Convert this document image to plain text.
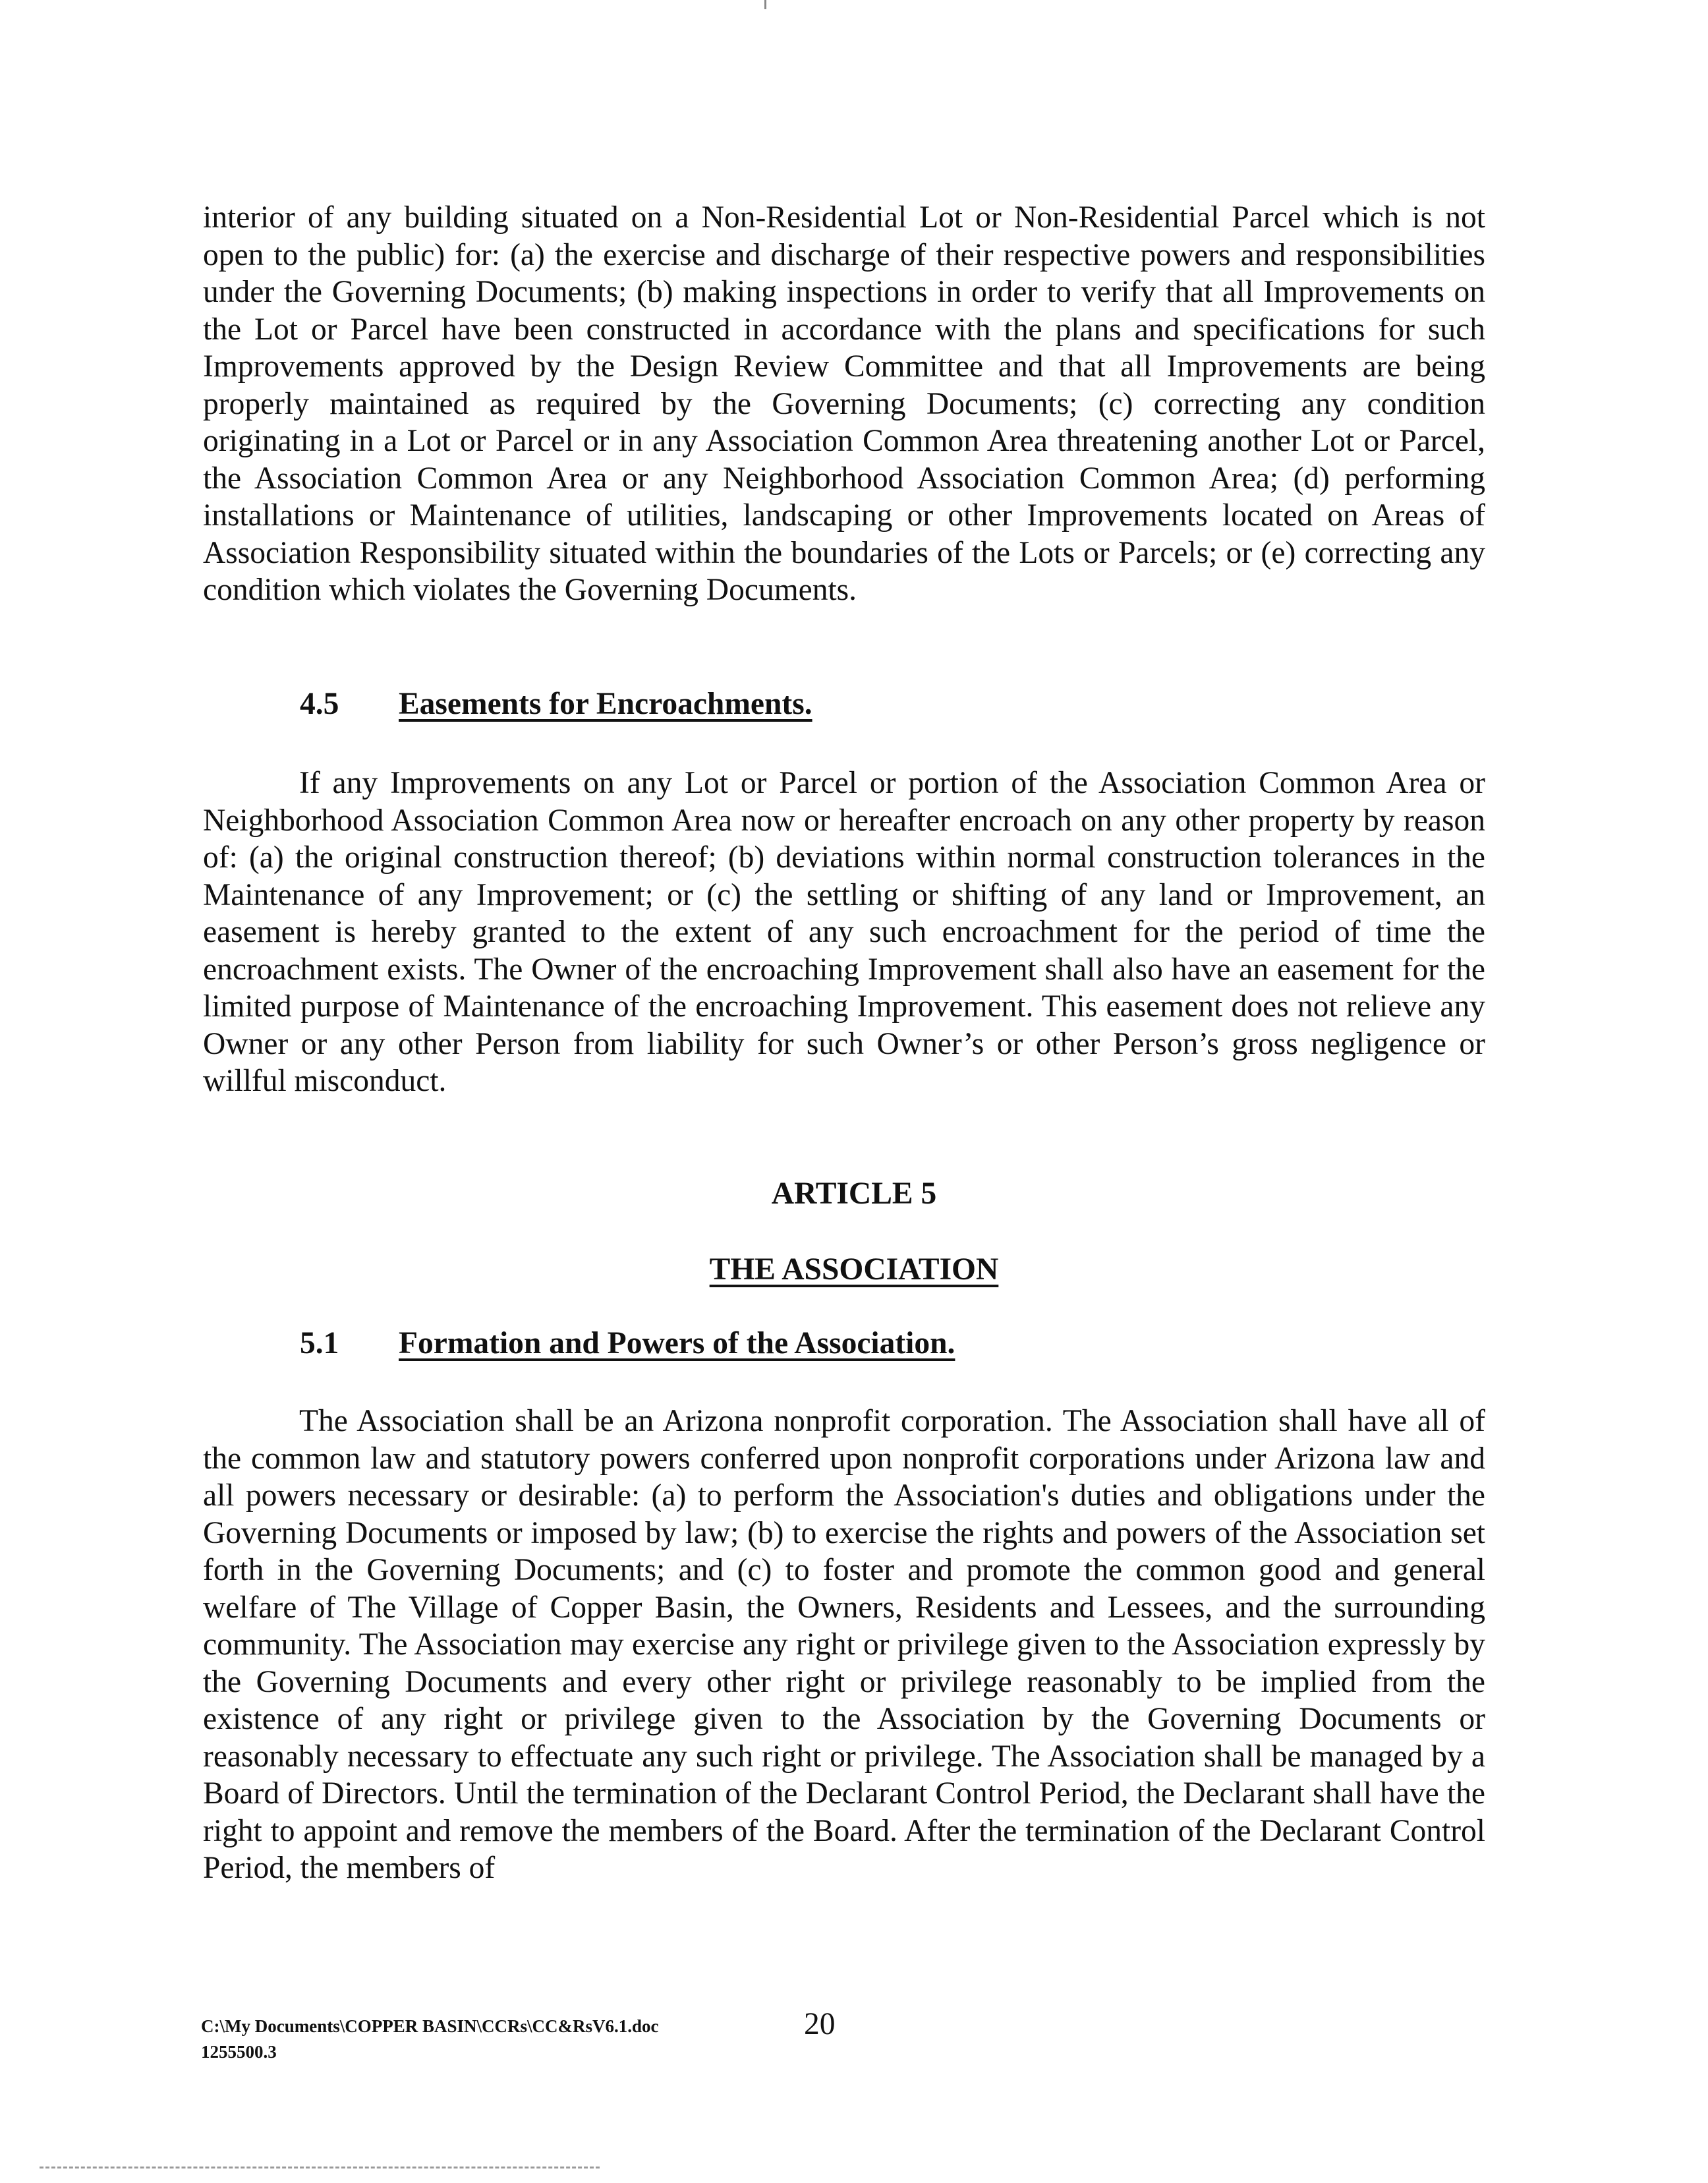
interior of any building situated on a Non-Residential Lot or Non-Residential Parcel which is not open to the public) for: (a) the exercise and discharge of their respective powers and responsibilities under the Governing Documents; (b) making inspections in order to verify that all Improvements on the Lot or Parcel have been constructed in accordance with the plans and specifications for such Improvements approved by the Design Review Committee and that all Improvements are being properly maintained as required by the Governing Documents; (c) correcting any condition originating in a Lot or Parcel or in any Association Common Area threatening another Lot or Parcel, the Association Common Area or any Neighborhood Association Common Area; (d) performing installations or Maintenance of utilities, landscaping or other Improvements located on Areas of Association Responsibility situated within the boundaries of the Lots or Parcels; or (e) correcting any condition which violates the Governing Documents.

4.5 Easements for Encroachments.

If any Improvements on any Lot or Parcel or portion of the Association Common Area or Neighborhood Association Common Area now or hereafter encroach on any other property by reason of: (a) the original construction thereof; (b) deviations within normal construction tolerances in the Maintenance of any Improvement; or (c) the settling or shifting of any land or Improvement, an easement is hereby granted to the extent of any such encroachment for the period of time the encroachment exists. The Owner of the encroaching Improvement shall also have an easement for the limited purpose of Maintenance of the encroaching Improvement. This easement does not relieve any Owner or any other Person from liability for such Owner’s or other Person’s gross negligence or willful misconduct.

ARTICLE 5
THE ASSOCIATION
5.1 Formation and Powers of the Association.

The Association shall be an Arizona nonprofit corporation. The Association shall have all of the common law and statutory powers conferred upon nonprofit corporations under Arizona law and all powers necessary or desirable: (a) to perform the Association's duties and obligations under the Governing Documents or imposed by law; (b) to exercise the rights and powers of the Association set forth in the Governing Documents; and (c) to foster and promote the common good and general welfare of The Village of Copper Basin, the Owners, Residents and Lessees, and the surrounding community. The Association may exercise any right or privilege given to the Association expressly by the Governing Documents and every other right or privilege reasonably to be implied from the existence of any right or privilege given to the Association by the Governing Documents or reasonably necessary to effectuate any such right or privilege. The Association shall be managed by a Board of Directors. Until the termination of the Declarant Control Period, the Declarant shall have the right to appoint and remove the members of the Board. After the termination of the Declarant Control Period, the members of

C:\My Documents\COPPER BASIN\CCRs\CC&RsV6.1.doc
1255500.3
20
